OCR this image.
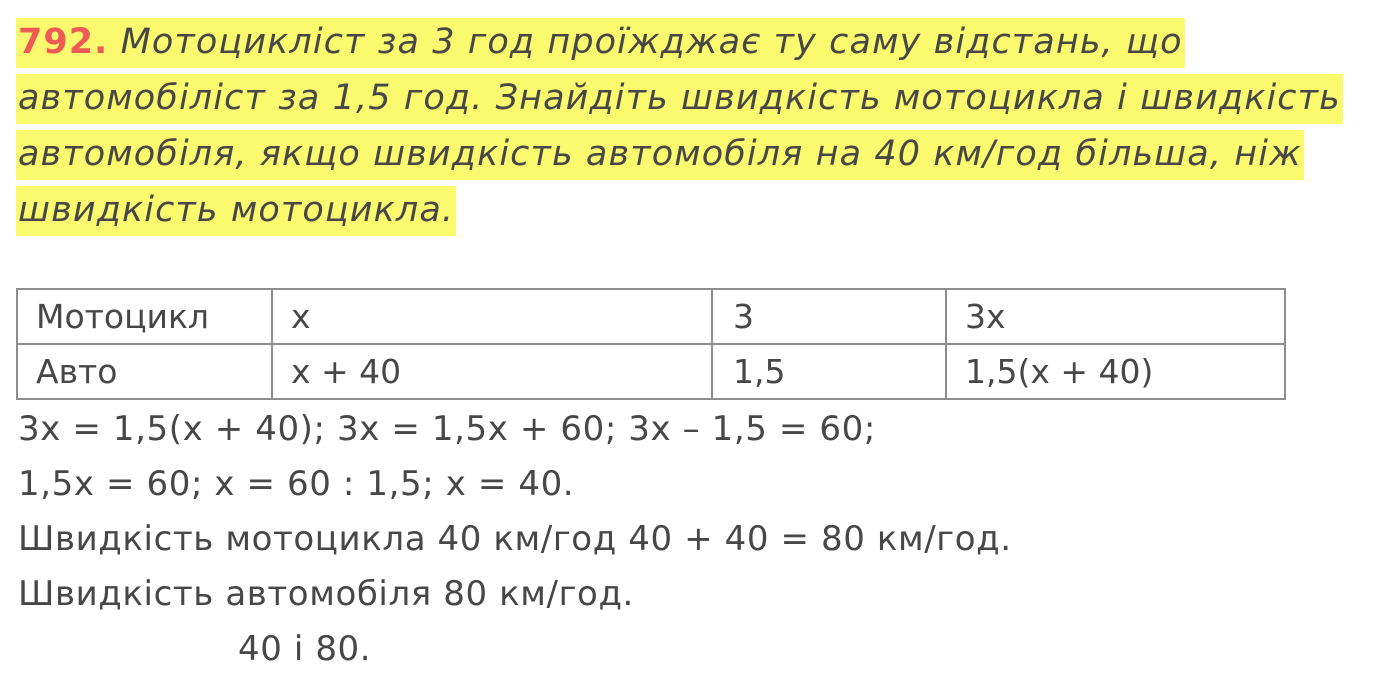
792. Мотоцикліст за 3 год проїжджає ту саму відстань, що
автомобіліст за 1,5 год. Знайдіть швидкість мотоцикла і швидкість
автомобіля, якщо швидкість автомобіля на 40 км/год більша, ніж
швидкість мотоцикла.
Мотоцикл	x	3	3x
Авто	x + 40	1,5	1,5(x + 40)
3x = 1,5(x + 40); 3x = 1,5x + 60; 3x – 1,5 = 60;
1,5x = 60; x = 60 : 1,5; x = 40.
Швидкість мотоцикла 40 км/год 40 + 40 = 80 км/год.
Швидкість автомобіля 80 км/год.
40 і 80.
